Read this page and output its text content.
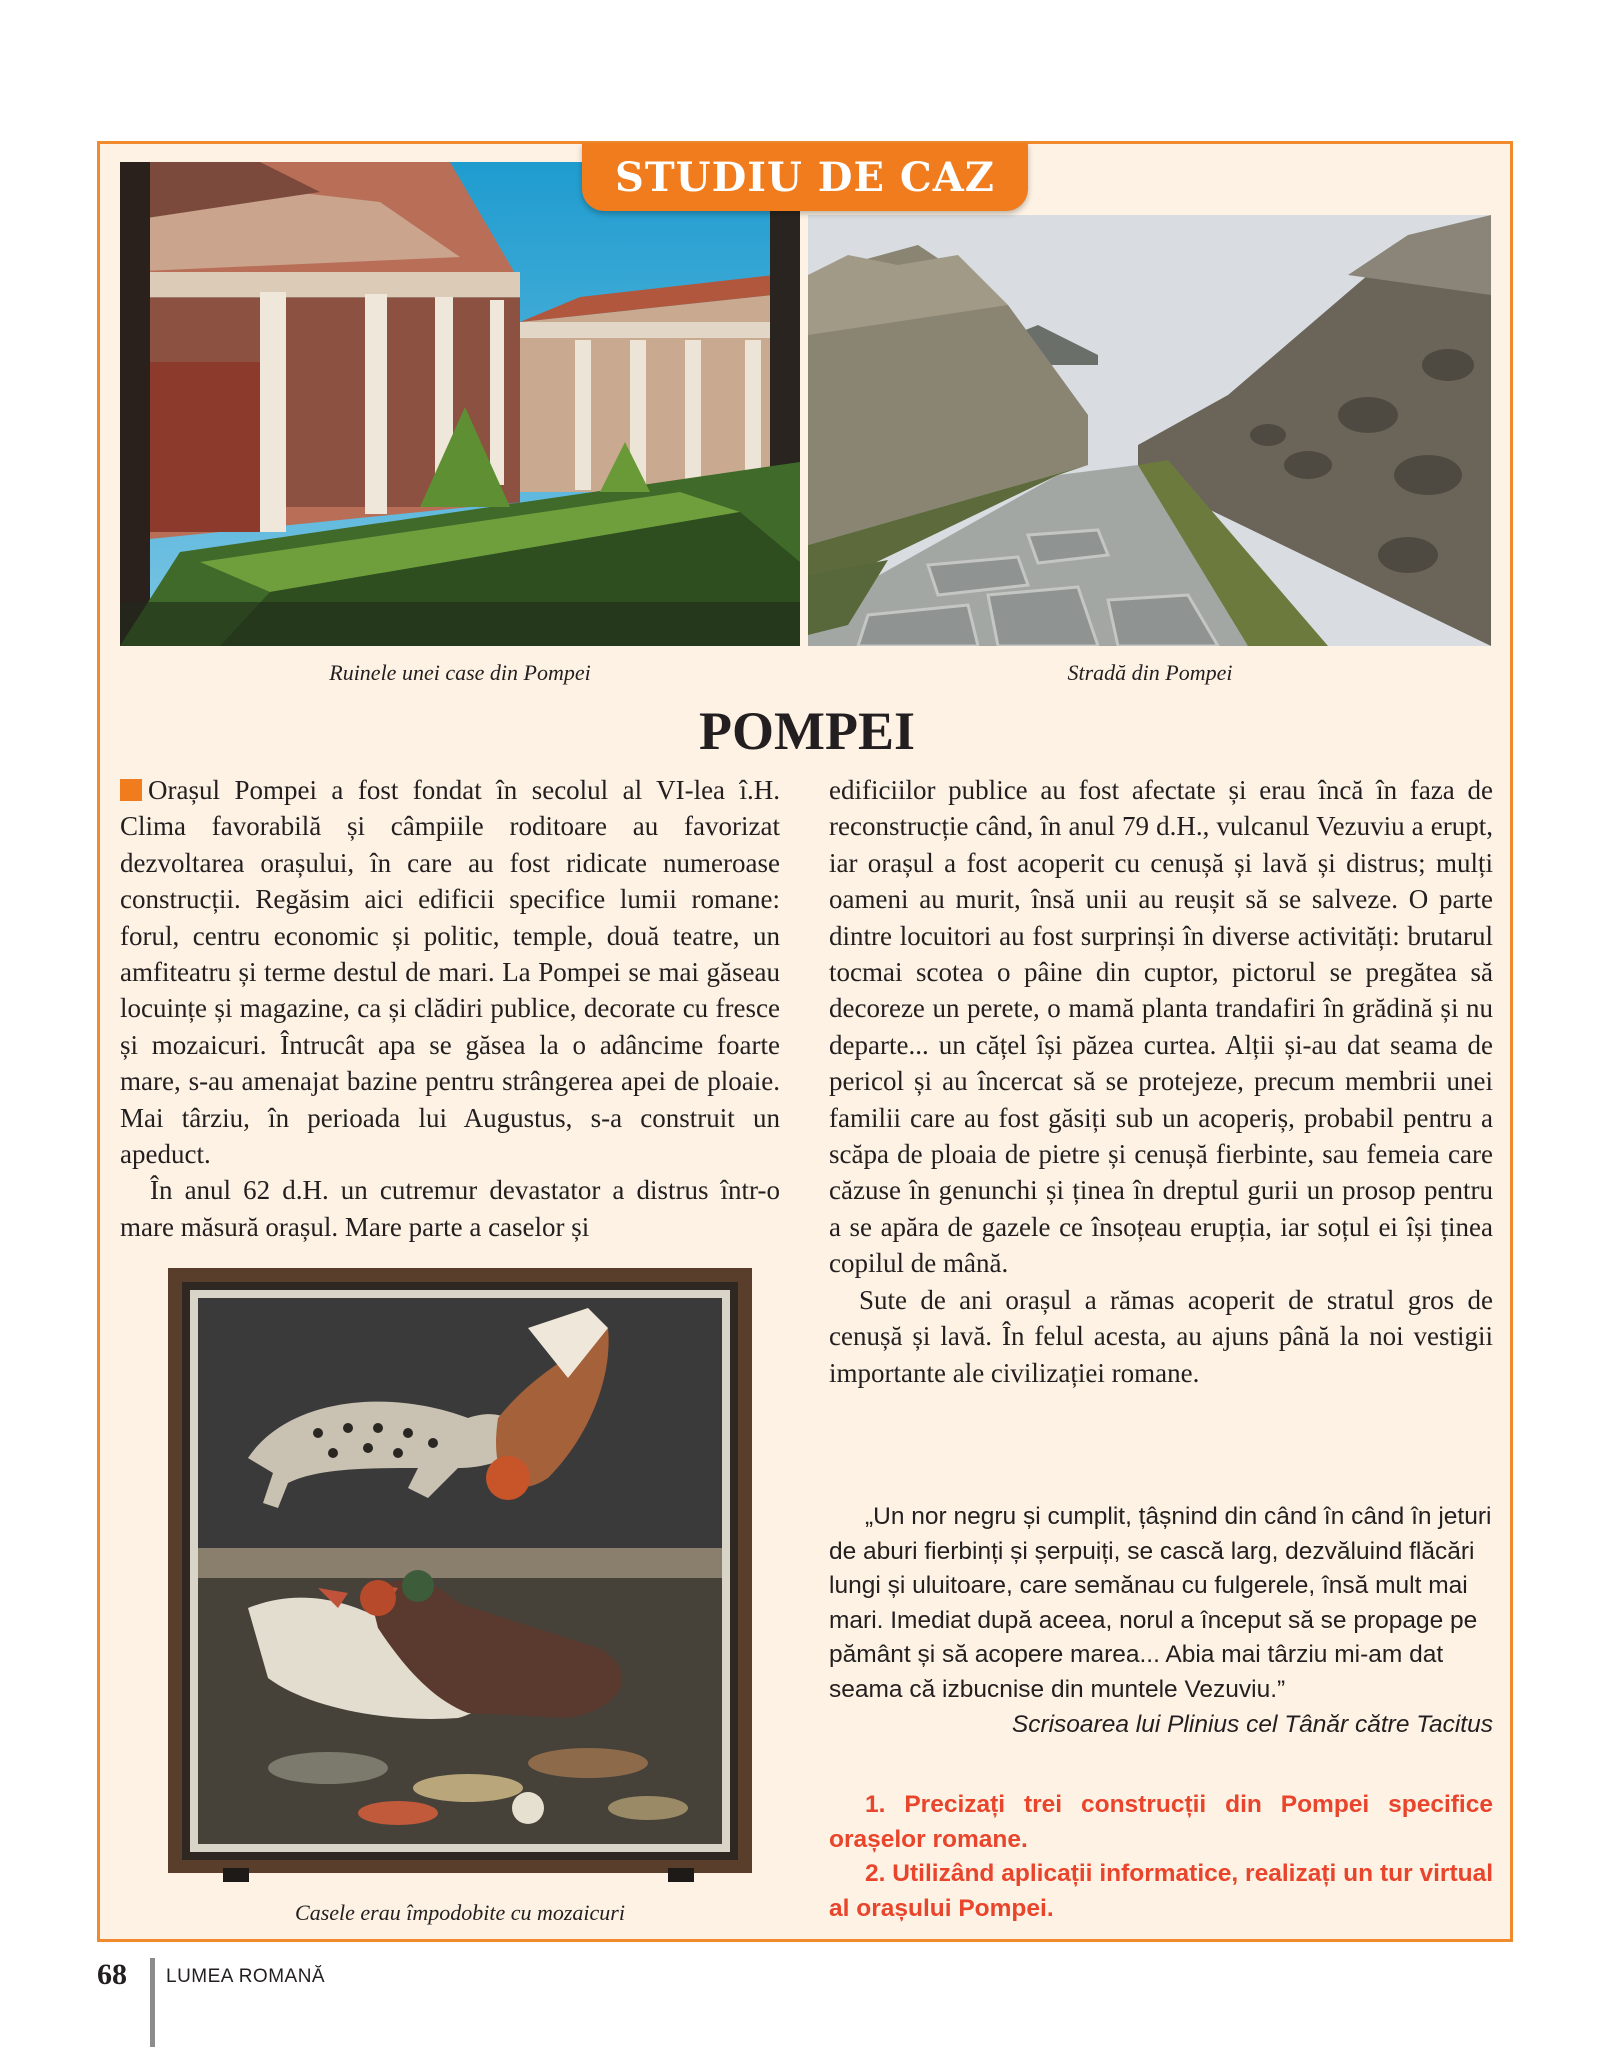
STUDIU DE CAZ
Ruinele unei case din Pompei	Stradă din Pompei
POMPEI

Orașul Pompei a fost fondat în secolul al VI-lea î.H. Clima favorabilă și câmpiile roditoare au favorizat dezvoltarea orașului, în care au fost ridicate numeroase construcții. Regăsim aici edificii specifice lumii romane: forul, centru economic și politic, temple, două teatre, un amfiteatru și terme destul de mari. La Pompei se mai găseau locuințe și magazine, ca și clădiri publice, decorate cu fresce și mozaicuri. Întrucât apa se găsea la o adâncime foarte mare, s-au amenajat bazine pentru strângerea apei de ploaie. Mai târziu, în perioada lui Augustus, s-a construit un apeduct.

În anul 62 d.H. un cutremur devastator a distrus într-o mare măsură orașul. Mare parte a caselor și

Casele erau împodobite cu mozaicuri

edificiilor publice au fost afectate și erau încă în faza de reconstrucție când, în anul 79 d.H., vulcanul Vezuviu a erupt, iar orașul a fost acoperit cu cenușă și lavă și distrus; mulți oameni au murit, însă unii au reușit să se salveze. O parte dintre locuitori au fost surprinși în diverse activități: brutarul tocmai scotea o pâine din cuptor, pictorul se pregătea să decoreze un perete, o mamă planta trandafiri în grădină și nu departe... un cățel își păzea curtea. Alții și-au dat seama de pericol și au încercat să se protejeze, precum membrii unei familii care au fost găsiți sub un acoperiș, probabil pentru a scăpa de ploaia de pietre și cenușă fierbinte, sau femeia care căzuse în genunchi și ținea în dreptul gurii un prosop pentru a se apăra de gazele ce însoțeau erupția, iar soțul ei își ținea copilul de mână.

Sute de ani orașul a rămas acoperit de stratul gros de cenușă și lavă. În felul acesta, au ajuns până la noi vestigii importante ale civilizației romane.

„Un nor negru și cumplit, țâșnind din când în când în jeturi de aburi fierbinți și șerpuiți, se cască larg, dezvăluind flăcări lungi și uluitoare, care semănau cu fulgerele, însă mult mai mari. Imediat după aceea, norul a început să se propage pe pământ și să acopere marea... Abia mai târziu mi-am dat seama că izbucnise din muntele Vezuviu.”

Scrisoarea lui Plinius cel Tânăr către Tacitus

1. Precizați trei construcții din Pompei specifice orașelor romane.

2. Utilizând aplicații informatice, realizați un tur virtual al orașului Pompei.

68 LUMEA ROMANĂ
